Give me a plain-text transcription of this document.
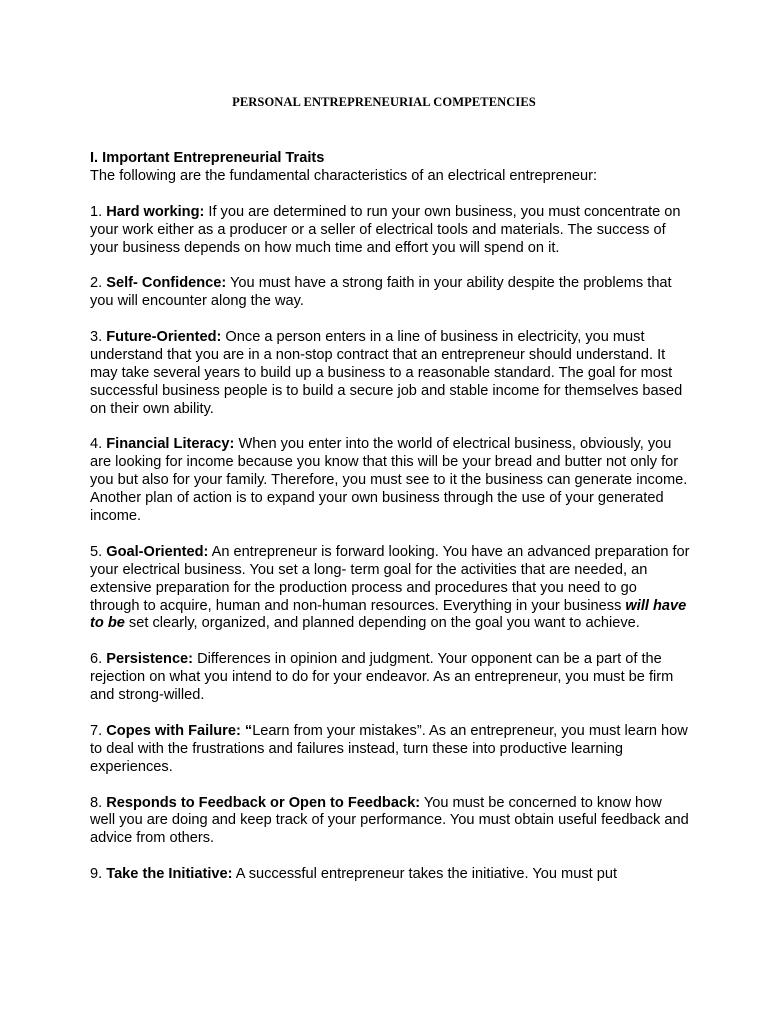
PERSONAL ENTREPRENEURIAL COMPETENCIES

I. Important Entrepreneurial Traits

The following are the fundamental characteristics of an electrical entrepreneur:

1. Hard working: If you are determined to run your own business, you must concentrate on your work either as a producer or a seller of electrical tools and materials. The success of your business depends on how much time and effort you will spend on it.

2. Self- Confidence: You must have a strong faith in your ability despite the problems that you will encounter along the way.

3. Future-Oriented: Once a person enters in a line of business in electricity, you must understand that you are in a non-stop contract that an entrepreneur should understand. It may take several years to build up a business to a reasonable standard. The goal for most successful business people is to build a secure job and stable income for themselves based on their own ability.

4. Financial Literacy: When you enter into the world of electrical business, obviously, you are looking for income because you know that this will be your bread and butter not only for you but also for your family. Therefore, you must see to it the business can generate income. Another plan of action is to expand your own business through the use of your generated income.

5. Goal-Oriented: An entrepreneur is forward looking. You have an advanced preparation for your electrical business. You set a long- term goal for the activities that are needed, an extensive preparation for the production process and procedures that you need to go through to acquire, human and non-human resources. Everything in your business will have to be set clearly, organized, and planned depending on the goal you want to achieve.

6. Persistence: Differences in opinion and judgment. Your opponent can be a part of the rejection on what you intend to do for your endeavor. As an entrepreneur, you must be firm and strong-willed.

7. Copes with Failure: “Learn from your mistakes”. As an entrepreneur, you must learn how to deal with the frustrations and failures instead, turn these into productive learning experiences.

8. Responds to Feedback or Open to Feedback: You must be concerned to know how well you are doing and keep track of your performance. You must obtain useful feedback and advice from others.

9. Take the Initiative: A successful entrepreneur takes the initiative. You must put
